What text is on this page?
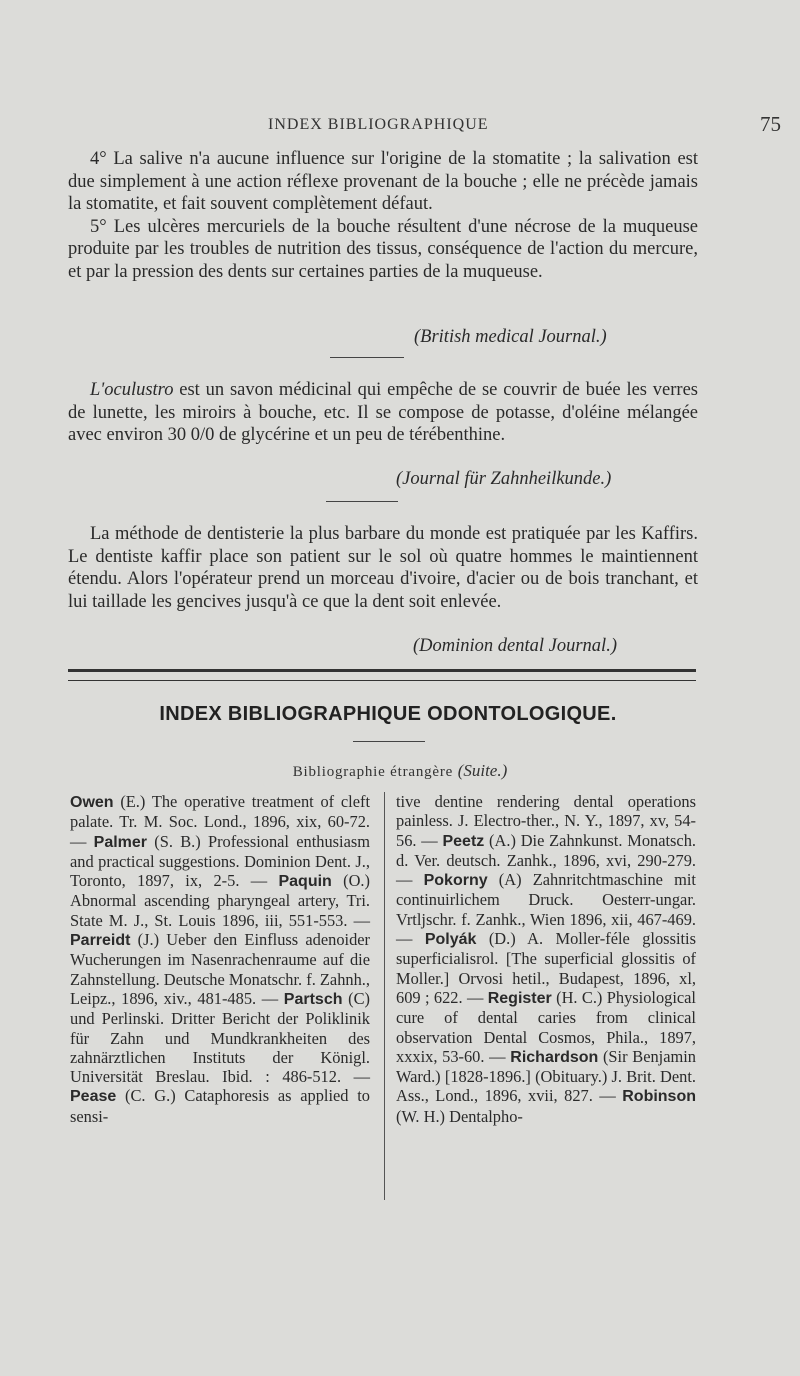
INDEX BIBLIOGRAPHIQUE	75

4° La salive n'a aucune influence sur l'origine de la stomatite ; la salivation est due simplement à une action réflexe provenant de la bouche ; elle ne précède jamais la stomatite, et fait souvent complètement défaut.

5° Les ulcères mercuriels de la bouche résultent d'une nécrose de la muqueuse produite par les troubles de nutrition des tissus, conséquence de l'action du mercure, et par la pression des dents sur certaines parties de la muqueuse.

(British medical Journal.)

L'oculustro est un savon médicinal qui empêche de se couvrir de buée les verres de lunette, les miroirs à bouche, etc. Il se compose de potasse, d'oléine mélangée avec environ 30 0/0 de glycérine et un peu de térébenthine.

(Journal für Zahnheilkunde.)

La méthode de dentisterie la plus barbare du monde est pratiquée par les Kaffirs. Le dentiste kaffir place son patient sur le sol où quatre hommes le maintiennent étendu. Alors l'opérateur prend un morceau d'ivoire, d'acier ou de bois tranchant, et lui taillade les gencives jusqu'à ce que la dent soit enlevée.

(Dominion dental Journal.)
INDEX BIBLIOGRAPHIQUE ODONTOLOGIQUE.
Bibliographie étrangère (Suite.)

Owen (E.) The operative treatment of cleft palate. Tr. M. Soc. Lond., 1896, xix, 60-72. — Palmer (S. B.) Professional enthusiasm and practical suggestions. Dominion Dent. J., Toronto, 1897, ix, 2-5. — Paquin (O.) Abnormal ascending pharyngeal artery, Tri. State M. J., St. Louis 1896, iii, 551-553. — Parreidt (J.) Ueber den Einfluss adenoider Wucherungen im Nasenrachenraume auf die Zahnstellung. Deutsche Monatschr. f. Zahnh., Leipz., 1896, xiv., 481-485. — Partsch (C) und Perlinski. Dritter Bericht der Poliklinik für Zahn und Mundkrankheiten des zahnärztlichen Instituts der Königl. Universität Breslau. Ibid. : 486-512. — Pease (C. G.) Cataphoresis as applied to sensi-

tive dentine rendering dental operations painless. J. Electro-ther., N. Y., 1897, xv, 54-56. — Peetz (A.) Die Zahnkunst. Monatsch. d. Ver. deutsch. Zanhk., 1896, xvi, 290-279. — Pokorny (A) Zahnritchtmaschine mit continuirlichem Druck. Oesterr-ungar. Vrtljschr. f. Zanhk., Wien 1896, xii, 467-469. — Polyák (D.) A. Moller-féle glossitis superficialisrol. [The superficial glossitis of Moller.] Orvosi hetil., Budapest, 1896, xl, 609 ; 622. — Register (H. C.) Physiological cure of dental caries from clinical observation Dental Cosmos, Phila., 1897, xxxix, 53-60. — Richardson (Sir Benjamin Ward.) [1828-1896.] (Obituary.) J. Brit. Dent. Ass., Lond., 1896, xvii, 827. — Robinson (W. H.) Dentalpho-
